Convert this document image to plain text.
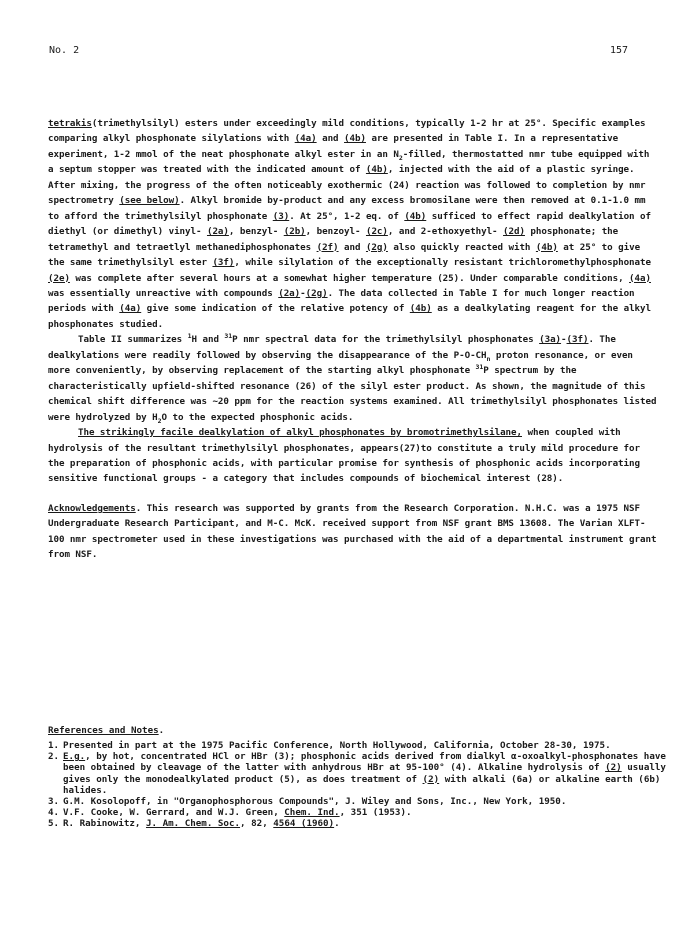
No. 2	157

tetrakis(trimethylsilyl) esters under exceedingly mild conditions, typically 1-2 hr at 25°. Specific examples comparing alkyl phosphonate silylations with (4a) and (4b) are presented in Table I. In a representative experiment, 1-2 mmol of the neat phosphonate alkyl ester in an $N_2$-filled, thermostatted nmr tube equipped with a septum stopper was treated with the indicated amount of (4b), injected with the aid of a plastic syringe. After mixing, the progress of the often noticeably exothermic (24) reaction was followed to completion by nmr spectrometry (see below). Alkyl bromide by-product and any excess bromosilane were then removed at 0.1-1.0 mm to afford the trimethylsilyl phosphonate (3). At 25°, 1-2 eq. of (4b) sufficed to effect rapid dealkylation of diethyl (or dimethyl) vinyl- (2a), benzyl- (2b), benzoyl- (2c), and 2-ethoxyethyl- (2d) phosphonate; the tetramethyl and tetraetlyl methanediphosphonates (2f) and (2g) also quickly reacted with (4b) at 25° to give the same trimethylsilyl ester (3f), while silylation of the exceptionally resistant trichloromethylphosphonate (2e) was complete after several hours at a somewhat higher temperature (25). Under comparable conditions, (4a) was essentially unreactive with compounds (2a)-(2g). The data collected in Table I for much longer reaction periods with (4a) give some indication of the relative potency of (4b) as a dealkylating reagent for the alkyl phosphonates studied.

Table II summarizes $^1$H and $^{31}$P nmr spectral data for the trimethylsilyl phosphonates (3a)-(3f). The dealkylations were readily followed by observing the disappearance of the $P-O-CH_n$ proton resonance, or even more conveniently, by observing replacement of the starting alkyl phosphonate $^{31}$P spectrum by the characteristically upfield-shifted resonance (26) of the silyl ester product. As shown, the magnitude of this chemical shift difference was ~20 ppm for the reaction systems examined. All trimethylsilyl phosphonates listed were hydrolyzed by $H_2O$ to the expected phosphonic acids.

The strikingly facile dealkylation of alkyl phosphonates by bromotrimethylsilane, when coupled with hydrolysis of the resultant trimethylsilyl phosphonates, appears(27)to constitute a truly mild procedure for the preparation of phosphonic acids, with particular promise for synthesis of phosphonic acids incorporating sensitive functional groups - a category that includes compounds of biochemical interest (28).

Acknowledgements. This research was supported by grants from the Research Corporation. N.H.C. was a 1975 NSF Undergraduate Research Participant, and M-C. McK. received support from NSF grant BMS 13608. The Varian XLFT-100 nmr spectrometer used in these investigations was purchased with the aid of a departmental instrument grant from NSF.

References and Notes.
1. Presented in part at the 1975 Pacific Conference, North Hollywood, California, October 28-30, 1975.
2. E.g., by hot, concentrated HCl or HBr (3); phosphonic acids derived from dialkyl α-oxoalkyl-phosphonates have been obtained by cleavage of the latter with anhydrous HBr at 95-100° (4). Alkaline hydrolysis of (2) usually gives only the monodealkylated product (5), as does treatment of (2) with alkali (6a) or alkaline earth (6b) halides.
3. G.M. Kosolopoff, in "Organophosphorous Compounds", J. Wiley and Sons, Inc., New York, 1950.
4. V.F. Cooke, W. Gerrard, and W.J. Green, Chem. Ind., 351 (1953).
5. R. Rabinowitz, J. Am. Chem. Soc., 82, 4564 (1960).
